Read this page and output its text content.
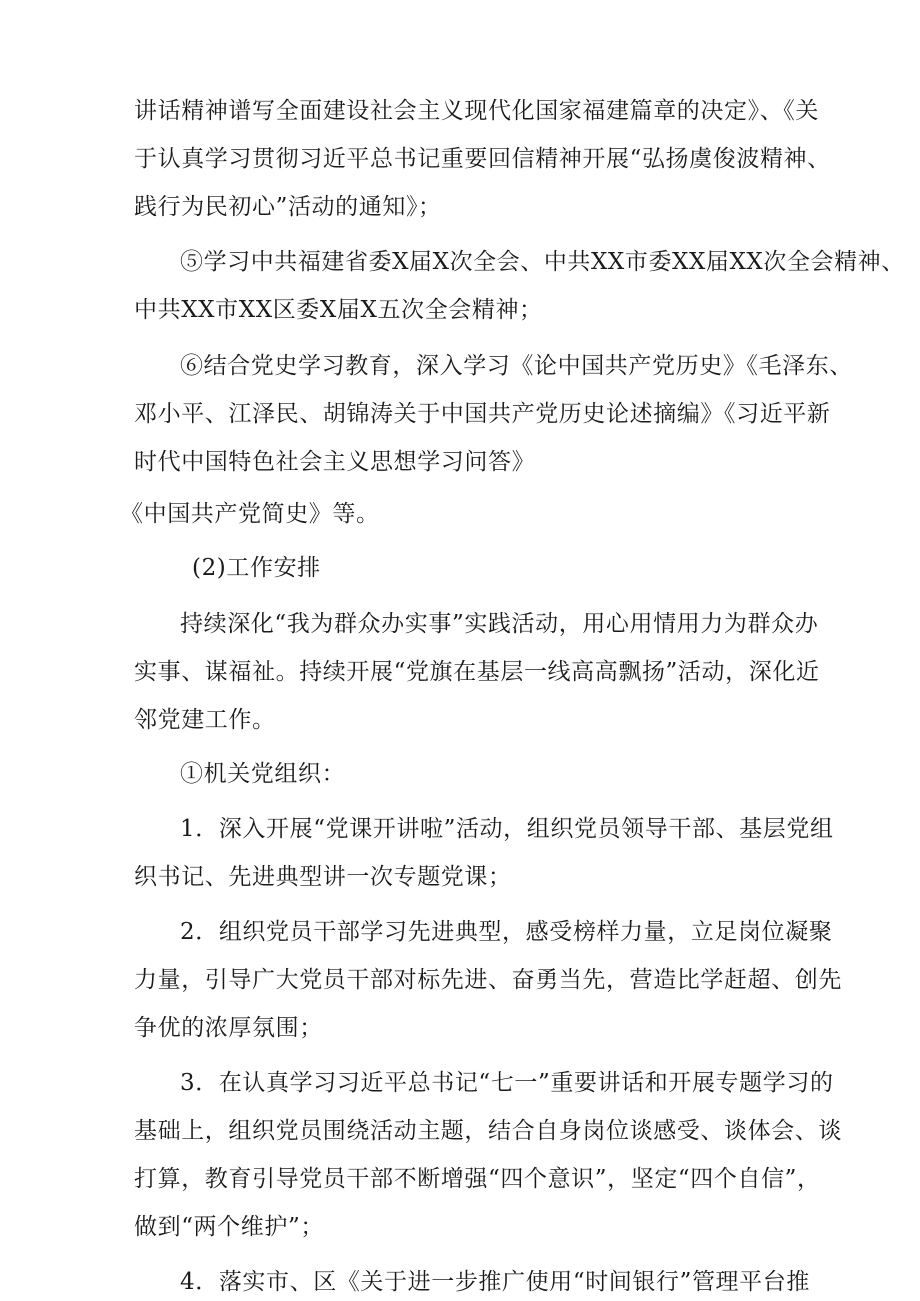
讲话精神谱写全面建设社会主义现代化国家福建篇章的决定》、《关
于认真学习贯彻习近平总书记重要回信精神开展“弘扬虞俊波精神、
践行为民初心”活动的通知》；
⑤学习中共福建省委X届X次全会、中共XX市委XX届XX次全会精神、
中共XX市XX区委X届X五次全会精神；
⑥结合党史学习教育，深入学习《论中国共产党历史》《毛泽东、
邓小平、江泽民、胡锦涛关于中国共产党历史论述摘编》《习近平新
时代中国特色社会主义思想学习问答》
《中国共产党简史》等。
(2)工作安排
持续深化“我为群众办实事”实践活动，用心用情用力为群众办
实事、谋福祉。持续开展“党旗在基层一线高高飘扬”活动，深化近
邻党建工作。
①机关党组织：
1．深入开展“党课开讲啦”活动，组织党员领导干部、基层党组
织书记、先进典型讲一次专题党课；
2．组织党员干部学习先进典型，感受榜样力量，立足岗位凝聚
力量，引导广大党员干部对标先进、奋勇当先，营造比学赶超、创先
争优的浓厚氛围；
3．在认真学习习近平总书记“七一”重要讲话和开展专题学习的
基础上，组织党员围绕活动主题，结合自身岗位谈感受、谈体会、谈
打算，教育引导党员干部不断增强“四个意识”，坚定“四个自信”，
做到“两个维护”；
4．落实市、区《关于进一步推广使用“时间银行”管理平台推
